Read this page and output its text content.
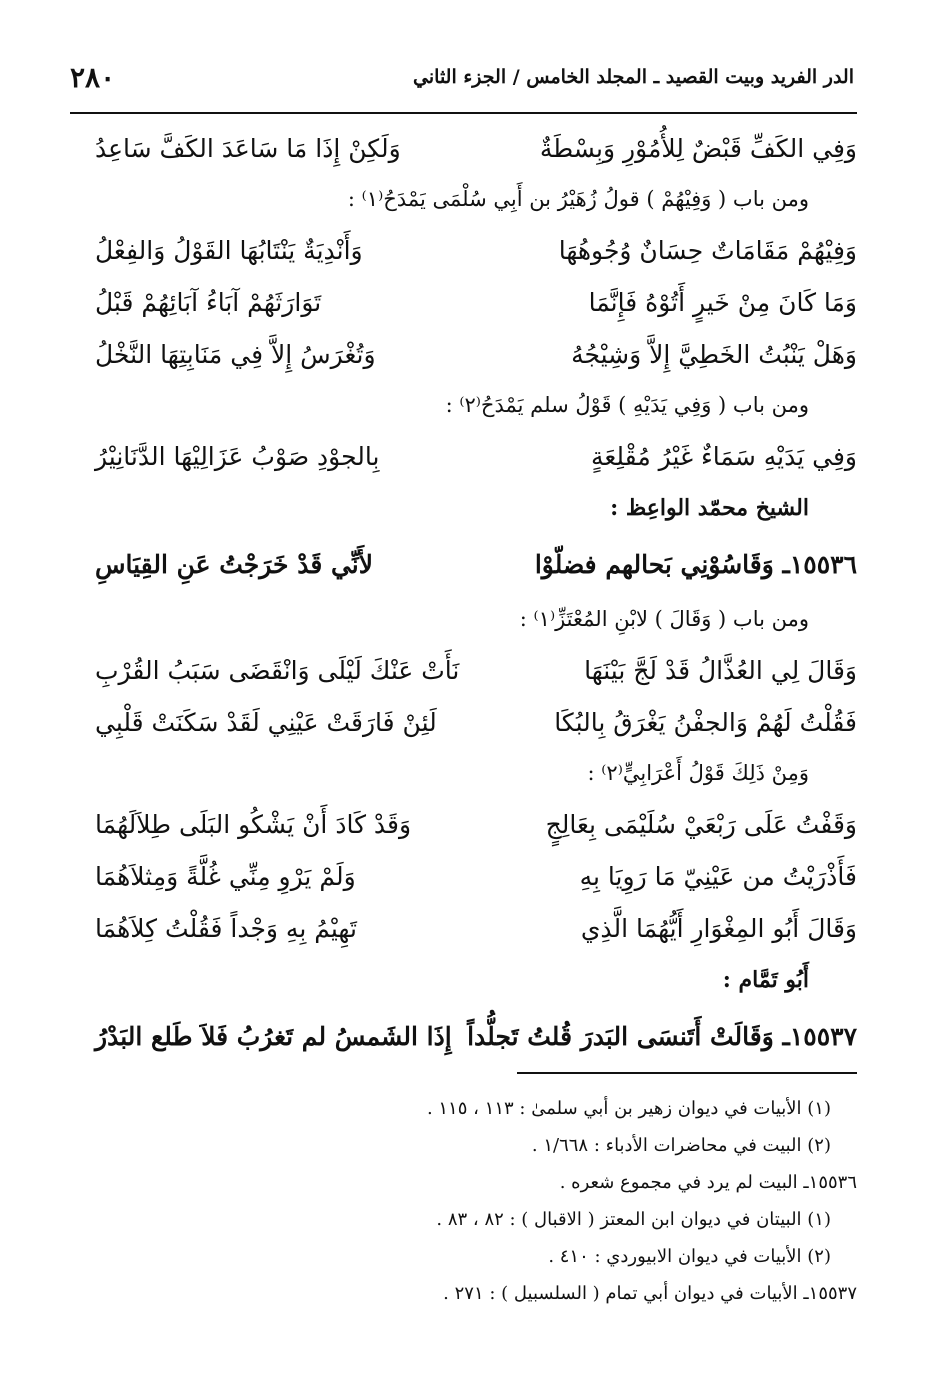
الدر الفريد وبيت القصيد ـ المجلد الخامس / الجزء الثاني
٢٨٠
وَفِي الكَفِّ قَبْضٌ لِلأُمُوْرِ وَبِسْطَةٌ
وَلَكِنْ إِذَا مَا سَاعَدَ الكَفَّ سَاعِدُ
ومن باب ( وَفِيْهُمْ ) قولُ زُهَيْرُ بن أَبِي سُلْمَى يَمْدَحُ⁽١⁾ :
وَفِيْهُمْ مَقَامَاتٌ حِسَانٌ وُجُوهُهَا
وَأَنْدِيَةٌ يَنْتَابُهَا القَوْلُ وَالفِعْلُ
وَمَا كَانَ مِنْ خَيرٍ أَتُوْهُ فَإِنَّمَا
تَوَارَثَهُمْ آبَاءُ آبَائِهُمْ قَبْلُ
وَهَلْ يَنْبُتُ الخَطِيَّ إِلاَّ وَشِيْجُهُ
وَتُغْرَسُ إِلاَّ فِي مَنَابِتِهَا النَّخْلُ
ومن باب ( وَفِي يَدَيْهِ ) قَوْلُ سلم يَمْدَحُ⁽٢⁾ :
وَفِي يَدَيْهِ سَمَاءٌ غَيْرُ مُقْلِعَةٍ
بِالجوْدِ صَوْبُ عَزَالِيْهَا الدَّنَانِيْرُ
الشيخ محمّد الواعِظ :
١٥٥٣٦ـ وَقَاسُوْنِي بَحالهم فضلّوْا
لأَنِّي قَدْ خَرَجْتُ عَنِ القِيَاسِ
ومن باب ( وَقَالَ ) لابْنِ المُعْتَزِّ⁽١⁾ :
وَقَالَ لِي العُذَّالُ قَدْ لَجَّ بَيْنَهَا
نَأَتْ عَنْكَ لَيْلَى وَانْقَضَى سَبَبُ القُرْبِ
فَقُلْتُ لَهُمْ وَالجفْنُ يَغْرَقُ بِالبُكَا
لَئِنْ فَارَقَتْ عَيْنِي لَقَدْ سَكَنَتْ قَلْبِي
وَمِنْ ذَلِكَ قَوْلُ أَعْرَابِيٍّ⁽٢⁾ :
وَقَفْتُ عَلَى رَبْعَيْ سُلَيْمَى بِعَالِجٍ
وَقَدْ كَادَ أَنْ يَشْكُو البَلَى طِلاَلَهُمَا
فَأَذْرَيْتُ من عَيْنِيّ مَا رَوِيَا بِهِ
وَلَمْ يَرْوِ مِنِّي غُلَّةً وَمِثلاَهُمَا
وَقَالَ أَبُو المِغْوَارِ أَيُّهُمَا الَّذِي
تَهِيْمُ بِهِ وَجْداً فَقُلْتُ كِلاَهُمَا
أَبُو تَمَّام :
١٥٥٣٧ـ وَقَالَتْ أَتَنسَى البَدرَ قُلتُ تَجلُّداً
إِذَا الشَمسُ لم تَغرُبُ فَلاَ طَلع البَدْرُ
(١) الأبيات في ديوان زهير بن أبي سلمىٰ : ١١٣ ، ١١٥ .
(٢) البيت في محاضرات الأدباء : ١/٦٦٨ .
١٥٥٣٦ـ البيت لم يرد في مجموع شعره .
(١) البيتان في ديوان ابن المعتز ( الاقبال ) : ٨٢ ، ٨٣ .
(٢) الأبيات في ديوان الابيوردي : ٤١٠ .
١٥٥٣٧ـ الأبيات في ديوان أبي تمام ( السلسبيل ) : ٢٧١ .
